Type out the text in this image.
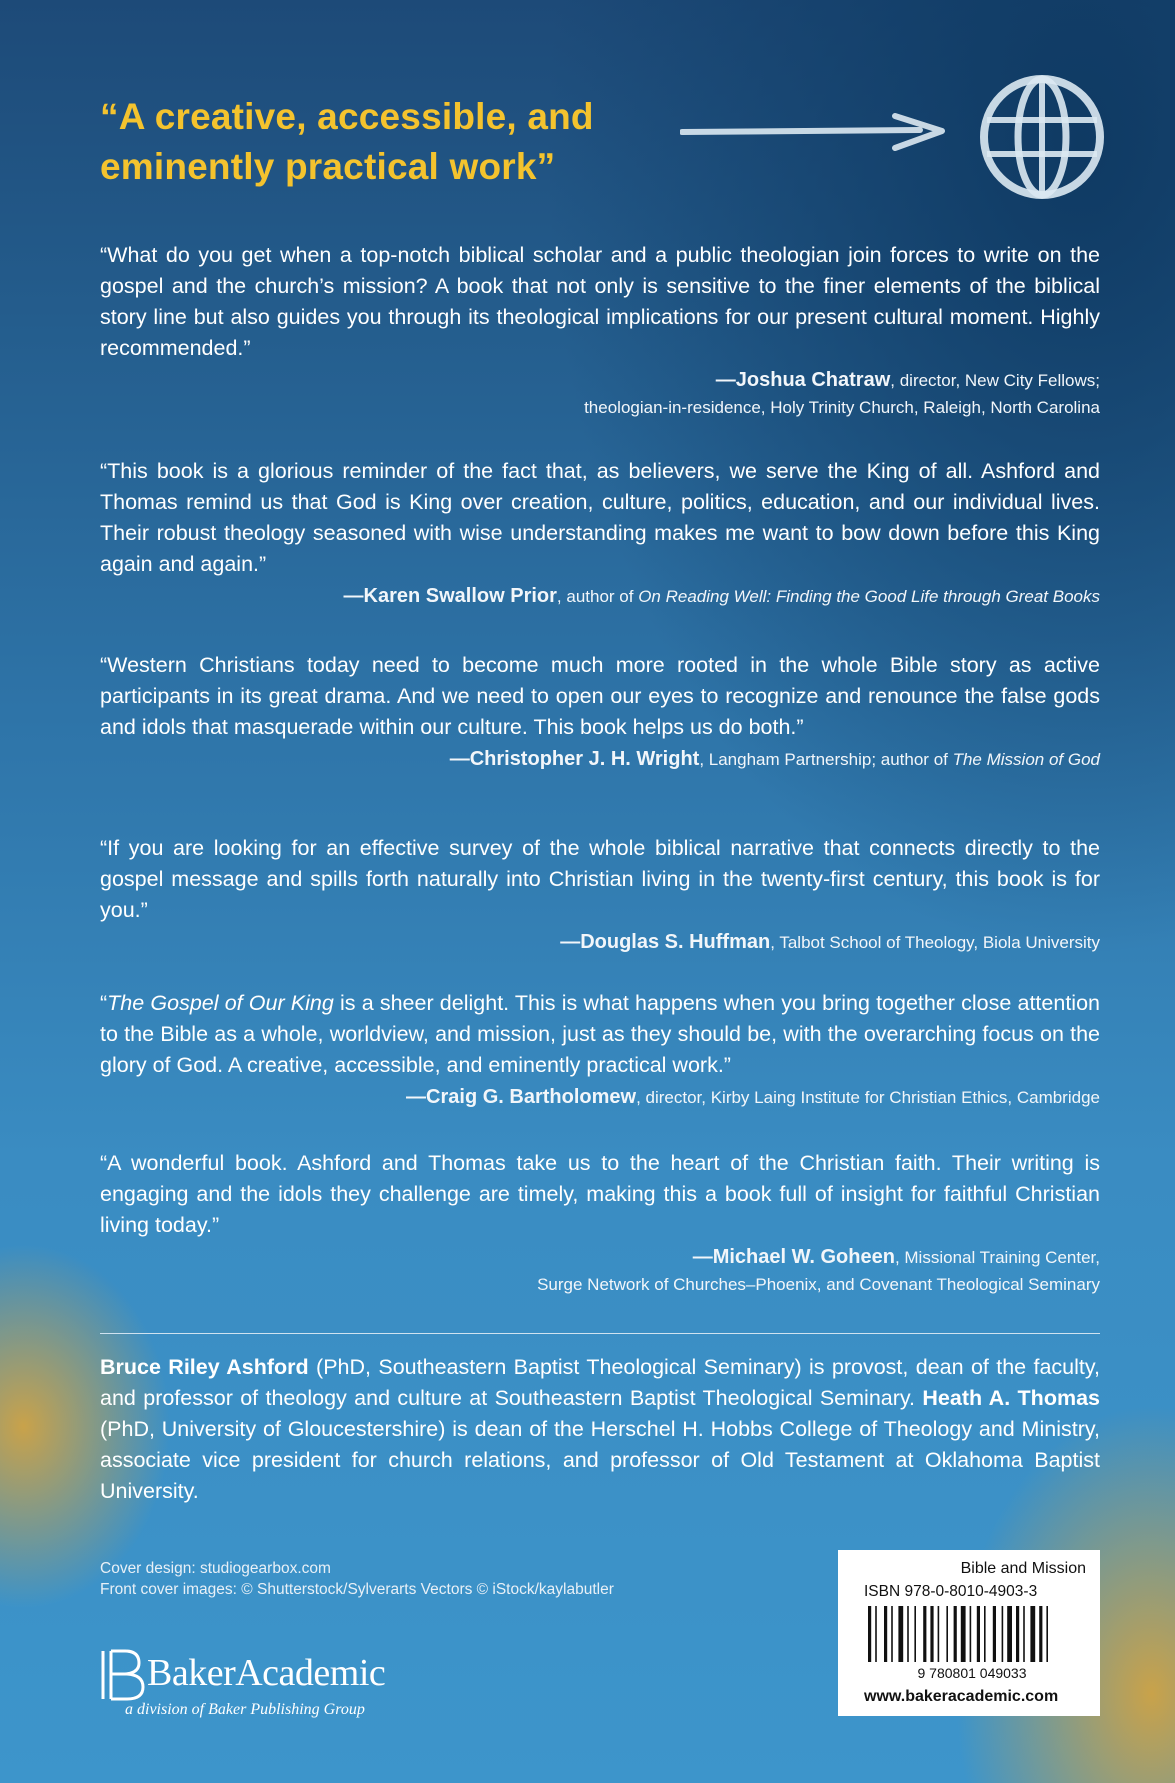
“A creative, accessible, and eminently practical work”

“What do you get when a top-notch biblical scholar and a public theologian join forces to write on the gospel and the church’s mission? A book that not only is sensitive to the finer elements of the biblical story line but also guides you through its theological implications for our present cultural moment. Highly recommended.”

—Joshua Chatraw, director, New City Fellows;
theologian-in-residence, Holy Trinity Church, Raleigh, North Carolina

“This book is a glorious reminder of the fact that, as believers, we serve the King of all. Ashford and Thomas remind us that God is King over creation, culture, politics, education, and our individual lives. Their robust theology seasoned with wise understanding makes me want to bow down before this King again and again.”

—Karen Swallow Prior, author of On Reading Well: Finding the Good Life through Great Books

“Western Christians today need to become much more rooted in the whole Bible story as active participants in its great drama. And we need to open our eyes to recognize and renounce the false gods and idols that masquerade within our culture. This book helps us do both.”

—Christopher J. H. Wright, Langham Partnership; author of The Mission of God

“If you are looking for an effective survey of the whole biblical narrative that connects directly to the gospel message and spills forth naturally into Christian living in the twenty-first century, this book is for you.”

—Douglas S. Huffman, Talbot School of Theology, Biola University

“The Gospel of Our King is a sheer delight. This is what happens when you bring together close attention to the Bible as a whole, worldview, and mission, just as they should be, with the overarching focus on the glory of God. A creative, accessible, and eminently practical work.”

—Craig G. Bartholomew, director, Kirby Laing Institute for Christian Ethics, Cambridge

“A wonderful book. Ashford and Thomas take us to the heart of the Christian faith. Their writing is engaging and the idols they challenge are timely, making this a book full of insight for faithful Christian living today.”

—Michael W. Goheen, Missional Training Center,
Surge Network of Churches–Phoenix, and Covenant Theological Seminary

Bruce Riley Ashford (PhD, Southeastern Baptist Theological Seminary) is provost, dean of the faculty, and professor of theology and culture at Southeastern Baptist Theological Seminary. Heath A. Thomas (PhD, University of Gloucestershire) is dean of the Herschel H. Hobbs College of Theology and Ministry, associate vice president for church relations, and professor of Old Testament at Oklahoma Baptist University.

Cover design: studiogearbox.com
Front cover images: © Shutterstock/Sylverarts Vectors © iStock/kaylabutler
BakerAcademic
a division of Baker Publishing Group
Bible and Mission
ISBN 978-0-8010-4903-3
9 780801 049033
www.bakeracademic.com
